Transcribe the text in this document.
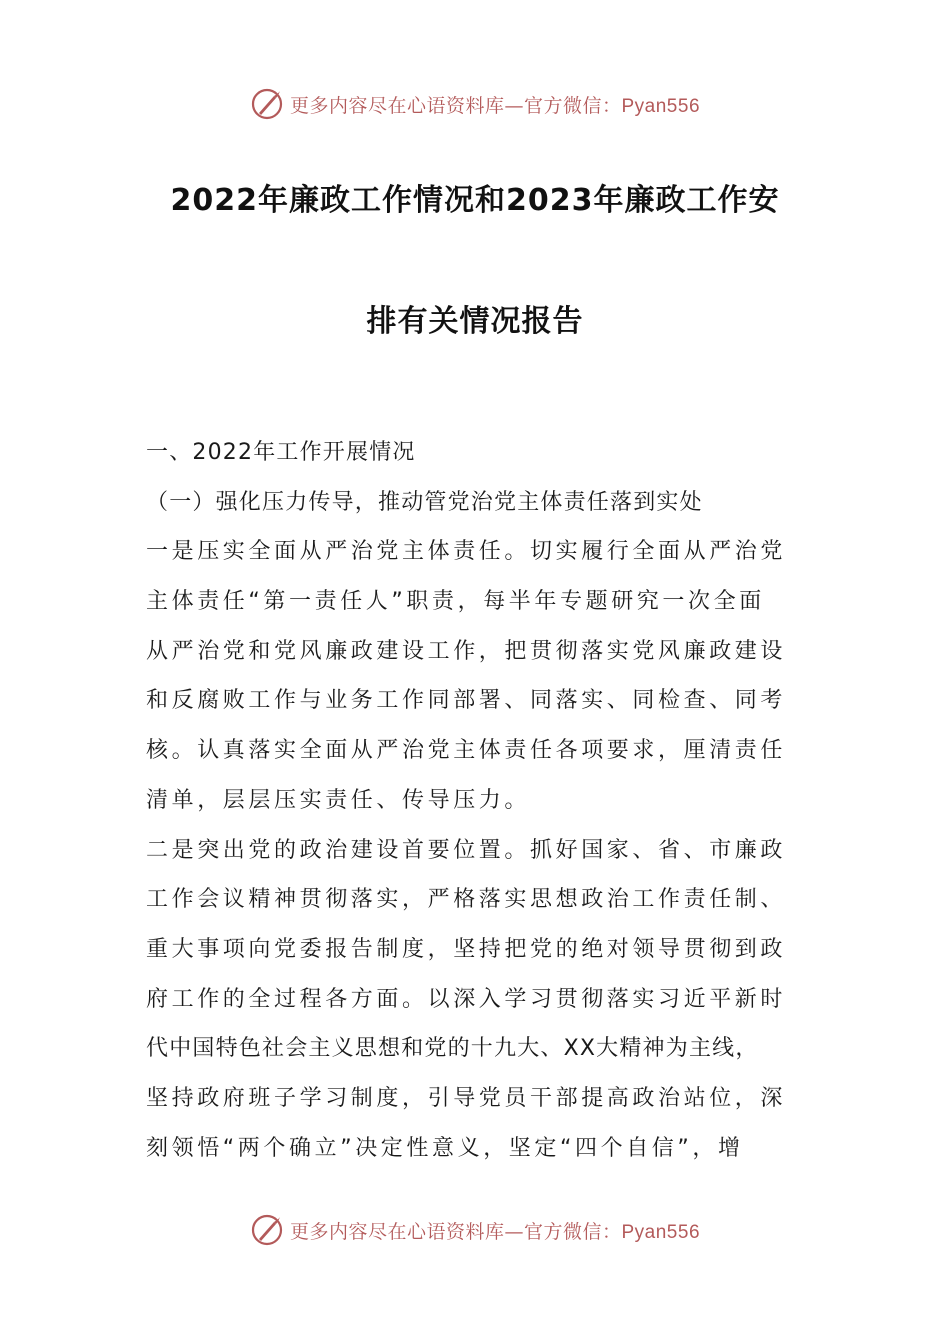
更多内容尽在心语资料库—官方微信：Pyan556
2022年廉政工作情况和2023年廉政工作安
排有关情况报告
一、2022年工作开展情况
（一）强化压力传导，推动管党治党主体责任落到实处
一是压实全面从严治党主体责任。切实履行全面从严治党
主体责任“第一责任人”职责，每半年专题研究一次全面
从严治党和党风廉政建设工作，把贯彻落实党风廉政建设
和反腐败工作与业务工作同部署、同落实、同检查、同考
核。认真落实全面从严治党主体责任各项要求，厘清责任
清单，层层压实责任、传导压力。
二是突出党的政治建设首要位置。抓好国家、省、市廉政
工作会议精神贯彻落实，严格落实思想政治工作责任制、
重大事项向党委报告制度，坚持把党的绝对领导贯彻到政
府工作的全过程各方面。以深入学习贯彻落实习近平新时
代中国特色社会主义思想和党的十九大、XX大精神为主线，
坚持政府班子学习制度，引导党员干部提高政治站位，深
刻领悟“两个确立”决定性意义，坚定“四个自信”，增
更多内容尽在心语资料库—官方微信：Pyan556
